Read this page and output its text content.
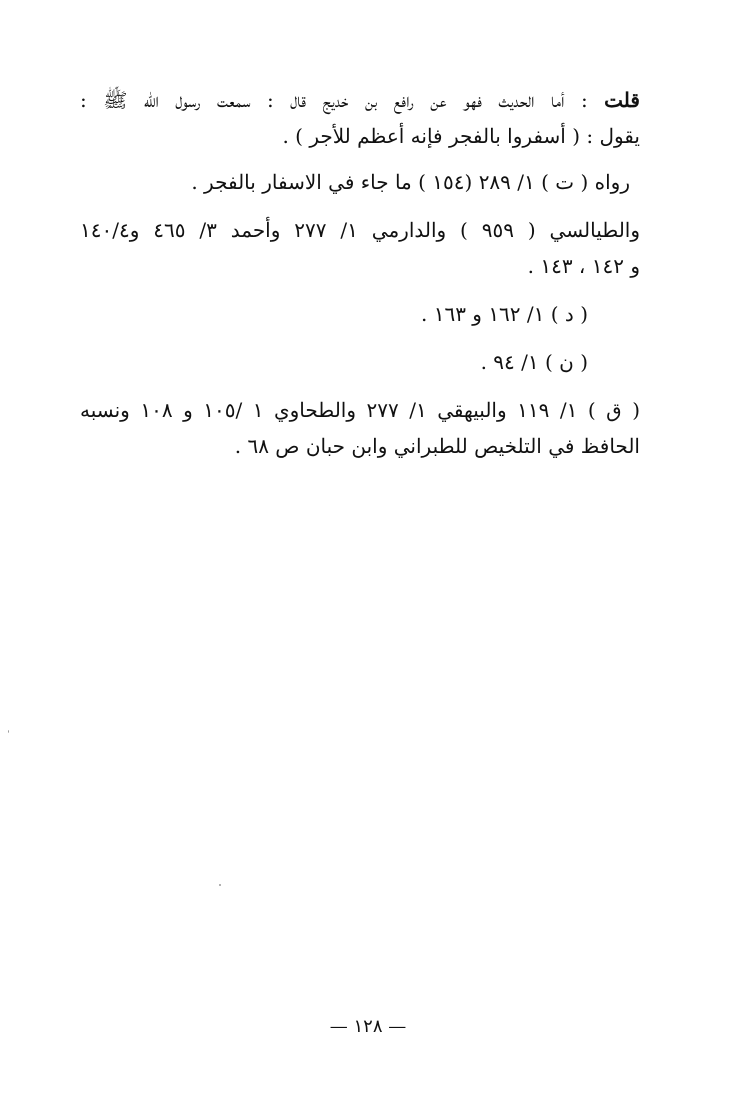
قلت : أما الحديث فهو عن رافع بن خديج قال : سمعت رسول الله ﷺ :
يقول : ( أسفروا بالفجر فإنه أعظم للأجر ) .

رواه ( ت ) ١/ ٢٨٩ (١٥٤ ) ما جاء في الاسفار بالفجر .

والطيالسي ( ٩٥٩ ) والدارمي ١/ ٢٧٧ وأحمد ٣/ ٤٦٥ و١٤٠/٤
و ١٤٢ ، ١٤٣ .

( د ) ١/ ١٦٢ و ١٦٣ .

( ن ) ١/ ٩٤ .

( ق ) ١/ ١١٩ والبيهقي ١/ ٢٧٧ والطحاوي ١ /١٠٥ و ١٠٨ ونسبه
الحافظ في التلخيص للطبراني وابن حبان ص ٦٨ .

— ١٢٨ —
